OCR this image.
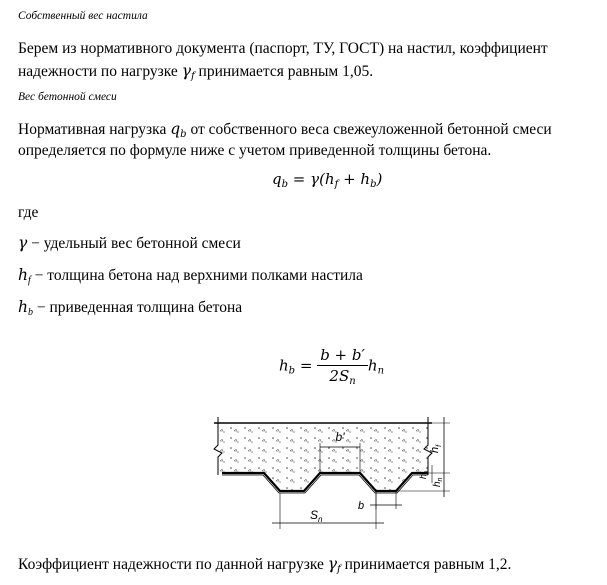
Собственный вес настила
Берем из нормативного документа (паспорт, ТУ, ГОСТ) на настил, коэффициент
надежности по нагрузке $\gamma_f$ принимается равным 1,05.
Вес бетонной смеси
Нормативная нагрузка $q_b$ от собственного веса свежеуложенной бетонной смеси
определяется по формуле ниже с учетом приведенной толщины бетона.
$q_b = \gamma(h_f + h_b)$
где
γ − удельный вес бетонной смеси
$h_f$ − толщина бетона над верхними полками настила
$h_b$ − приведенная толщина бетона
$h_b = \frac{b + b'}{2S_n} h_n$
b'
b
$S_n$
$h_f$
$h_b$
$h_n$
Коэффициент надежности по данной нагрузке $\gamma_f$ принимается равным 1,2.
